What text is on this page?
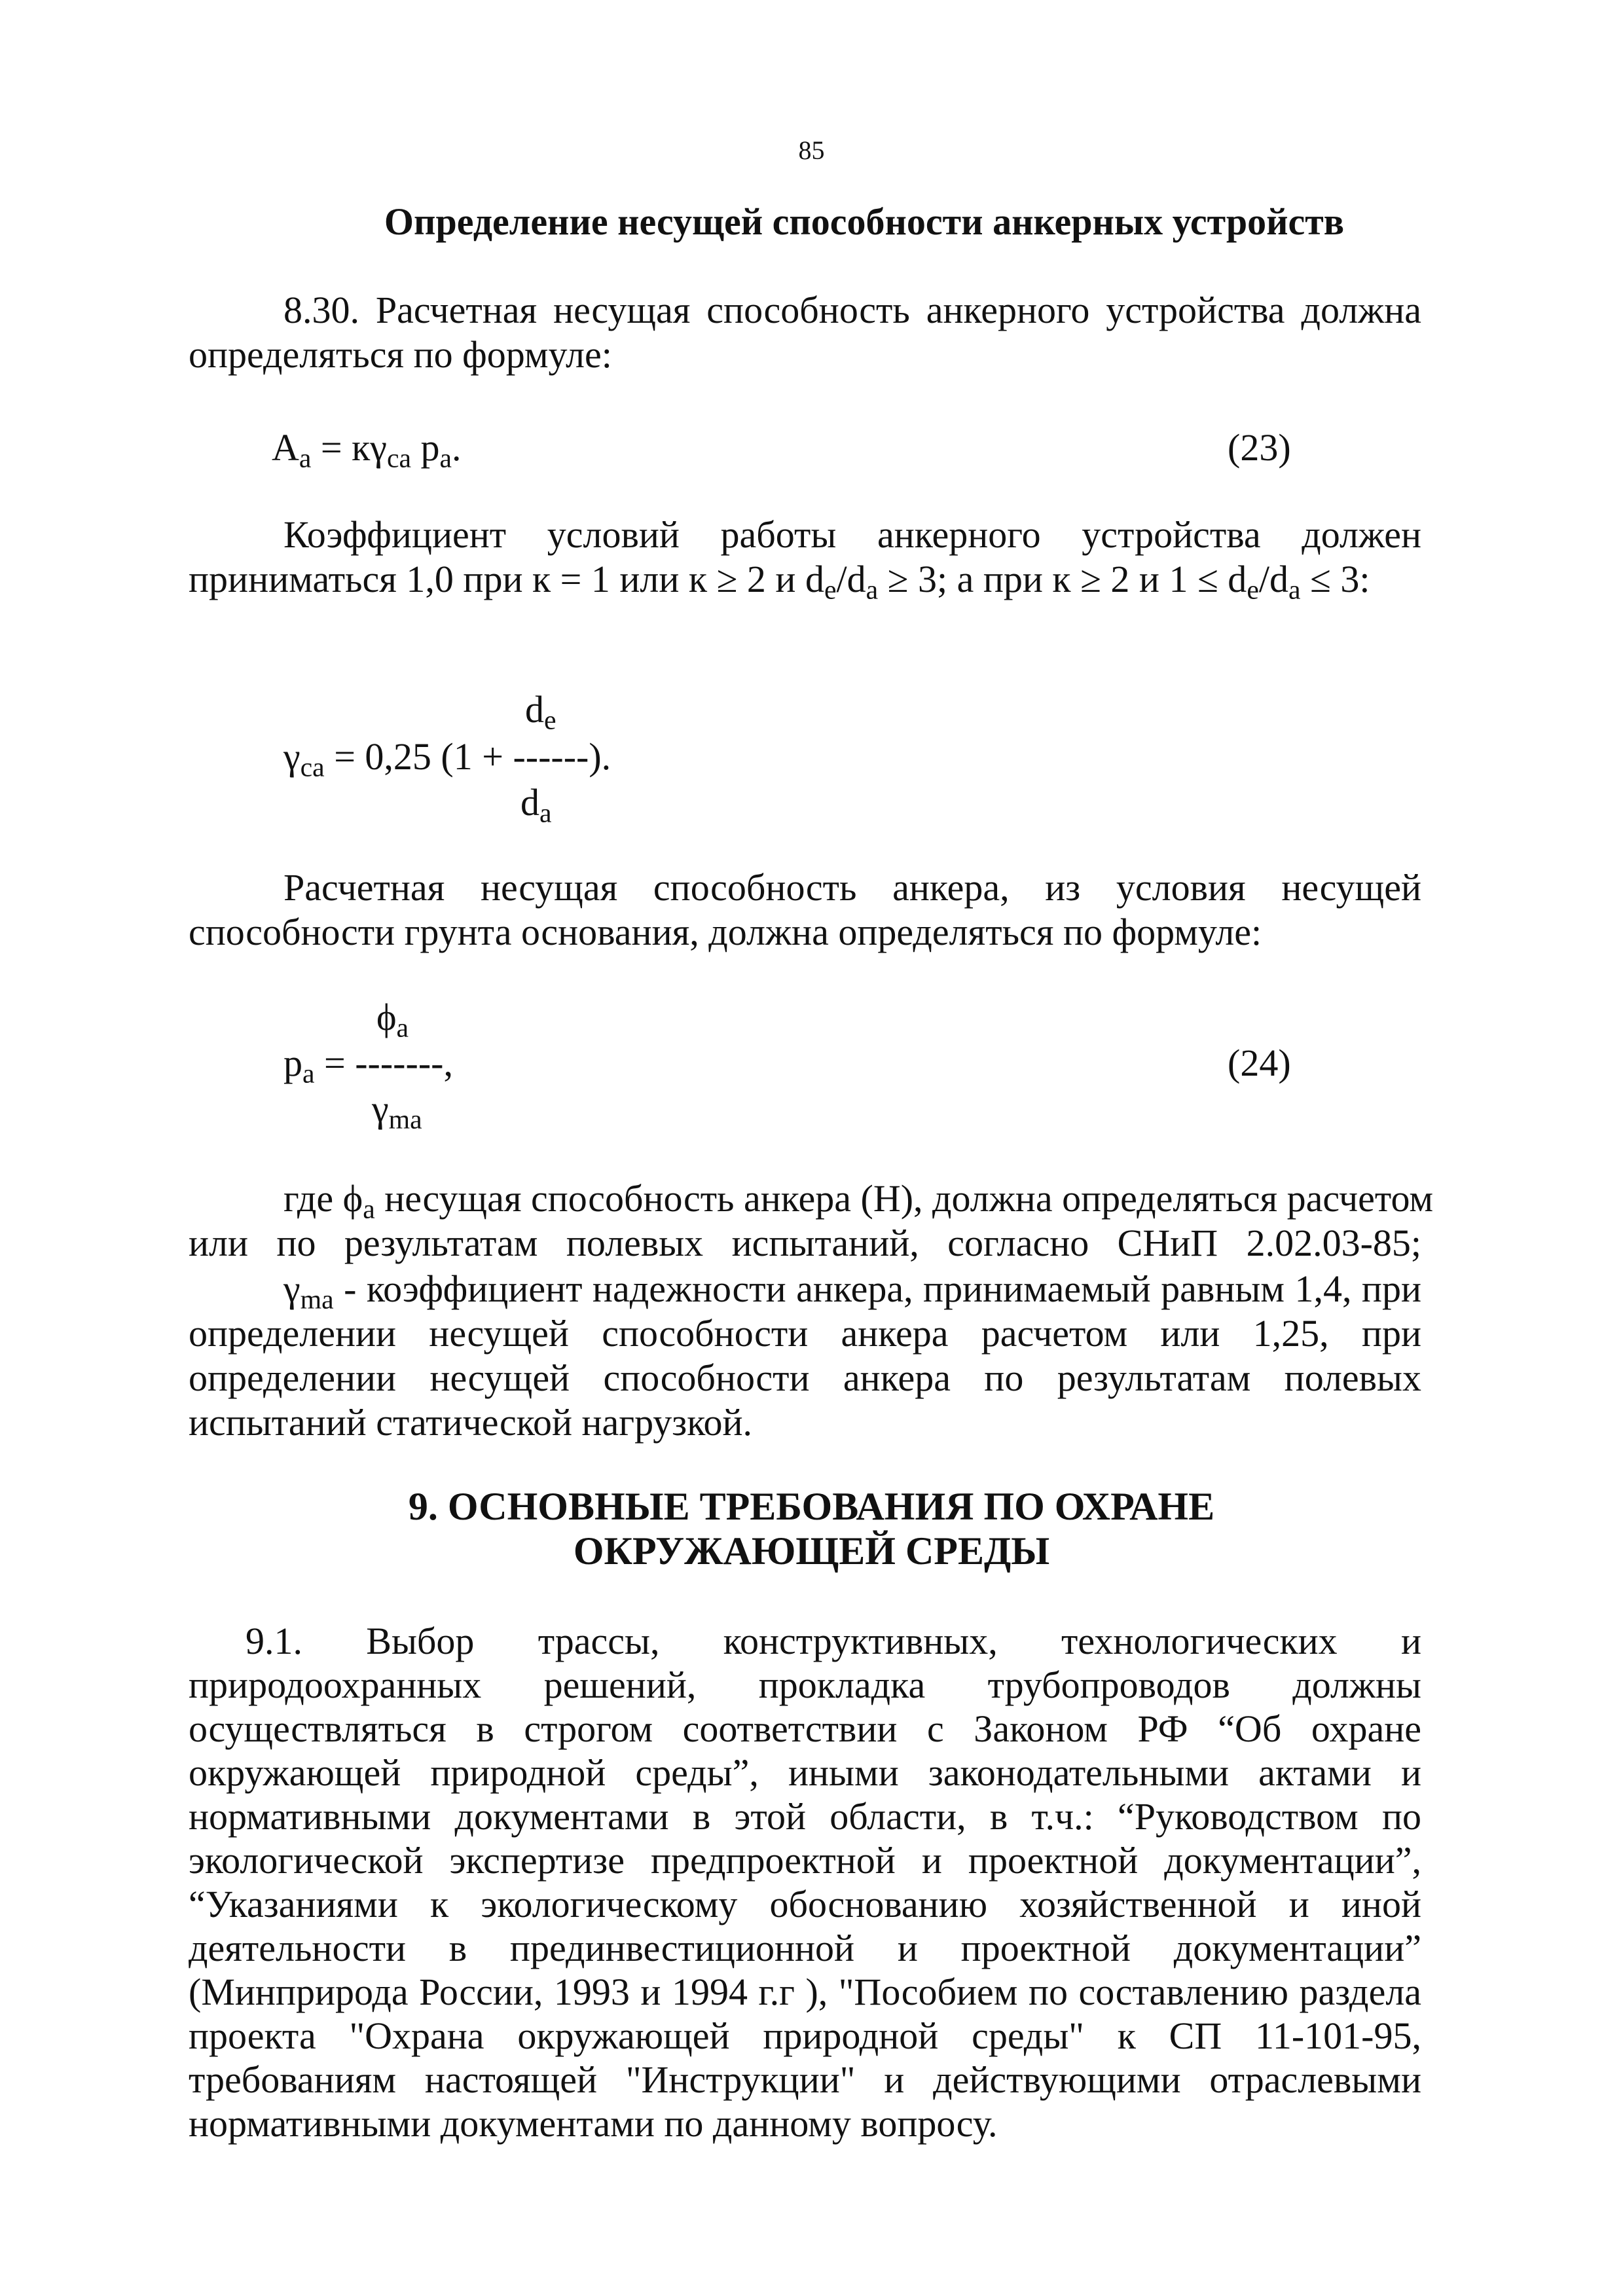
85
Определение несущей способности анкерных устройств
8.30. Расчетная несущая способность анкерного устройства должна
определяться по формуле:
$A_a = к\gamma_{ca}$ $p_a$.	(23)
Коэффициент условий работы анкерного устройства должен
приниматься 1,0 при к = 1 или к ≥ 2 и $d_e/d_a \ge 3$; а при к ≥ 2 и $1 \le d_e/d_a \le 3$:
$d_e$
$\gamma_{ca} = 0,25$ (1 + ------).
$d_a$
Расчетная несущая способность анкера, из условия несущей
способности грунта основания, должна определяться по формуле:
$\phi_a$
$p_a$ = -------,	(24)
$\gamma_{ma}$
где $\phi_a$ несущая способность анкера (Н), должна определяться расчетом
или по результатам полевых испытаний, согласно СНиП 2.02.03-85;
$\gamma_{ma}$ - коэффициент надежности анкера, принимаемый равным 1,4, при
определении несущей способности анкера расчетом или 1,25, при
определении несущей способности анкера по результатам полевых
испытаний статической нагрузкой.
9. ОСНОВНЫЕ ТРЕБОВАНИЯ ПО ОХРАНЕ
ОКРУЖАЮЩЕЙ СРЕДЫ
9.1. Выбор трассы, конструктивных, технологических и
природоохранных решений, прокладка трубопроводов должны
осуществляться в строгом соответствии с Законом РФ “Об охране
окружающей природной среды”, иными законодательными актами и
нормативными документами в этой области, в т.ч.: “Руководством по
экологической экспертизе предпроектной и проектной документации”,
“Указаниями к экологическому обоснованию хозяйственной и иной
деятельности в прединвестиционной и проектной документации”
(Минприрода России, 1993 и 1994 г.г ), "Пособием по составлению раздела
проекта "Охрана окружающей природной среды" к СП 11-101-95,
требованиям настоящей "Инструкции" и действующими отраслевыми
нормативными документами по данному вопросу.
